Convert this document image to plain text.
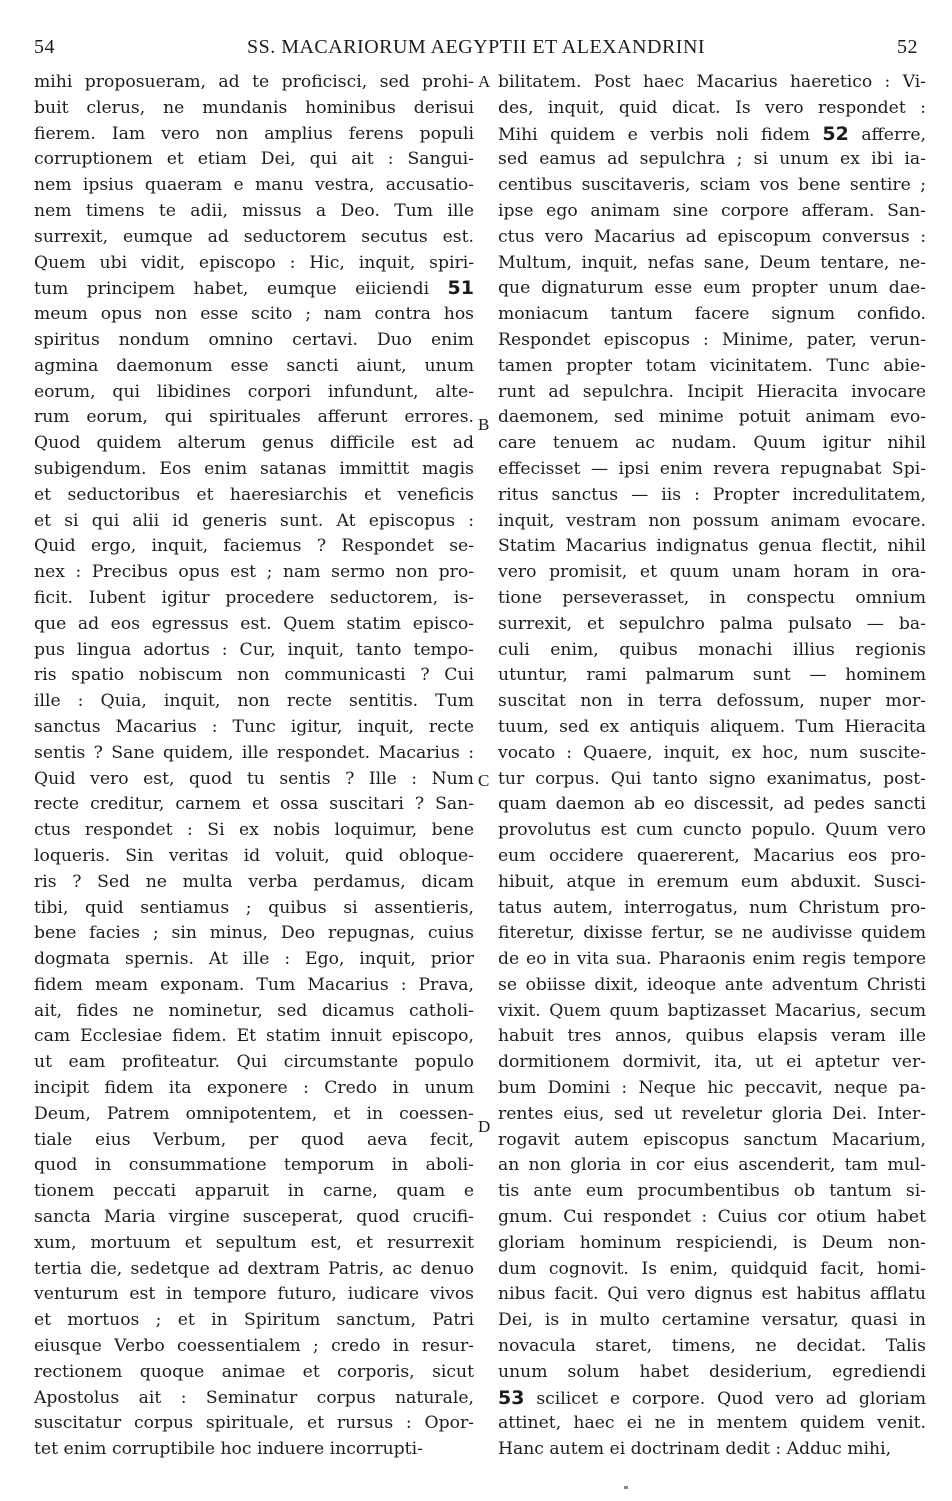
54	SS. MACARIORUM AEGYPTII ET ALEXANDRINI	52
mihi proposueram, ad te proficisci, sed prohi-
buit clerus, ne mundanis hominibus derisui
fierem. Iam vero non amplius ferens populi
corruptionem et etiam Dei, qui ait : Sangui-
nem ipsius quaeram e manu vestra, accusatio-
nem timens te adii, missus a Deo. Tum ille
surrexit, eumque ad seductorem secutus est.
Quem ubi vidit, episcopo : Hic, inquit, spiri-
tum principem habet, eumque eiiciendi 51
meum opus non esse scito ; nam contra hos
spiritus nondum omnino certavi. Duo enim
agmina daemonum esse sancti aiunt, unum
eorum, qui libidines corpori infundunt, alte-
rum eorum, qui spirituales afferunt errores.
Quod quidem alterum genus difficile est ad
subigendum. Eos enim satanas immittit magis
et seductoribus et haeresiarchis et veneficis
et si qui alii id generis sunt. At episcopus :
Quid ergo, inquit, faciemus ? Respondet se-
nex : Precibus opus est ; nam sermo non pro-
ficit. Iubent igitur procedere seductorem, is-
que ad eos egressus est. Quem statim episco-
pus lingua adortus : Cur, inquit, tanto tempo-
ris spatio nobiscum non communicasti ? Cui
ille : Quia, inquit, non recte sentitis. Tum
sanctus Macarius : Tunc igitur, inquit, recte
sentis ? Sane quidem, ille respondet. Macarius :
Quid vero est, quod tu sentis ? Ille : Num
recte creditur, carnem et ossa suscitari ? San-
ctus respondet : Si ex nobis loquimur, bene
loqueris. Sin veritas id voluit, quid obloque-
ris ? Sed ne multa verba perdamus, dicam
tibi, quid sentiamus ; quibus si assentieris,
bene facies ; sin minus, Deo repugnas, cuius
dogmata spernis. At ille : Ego, inquit, prior
fidem meam exponam. Tum Macarius : Prava,
ait, fides ne nominetur, sed dicamus catholi-
cam Ecclesiae fidem. Et statim innuit episcopo,
ut eam profiteatur. Qui circumstante populo
incipit fidem ita exponere : Credo in unum
Deum, Patrem omnipotentem, et in coessen-
tiale eius Verbum, per quod aeva fecit,
quod in consummatione temporum in aboli-
tionem peccati apparuit in carne, quam e
sancta Maria virgine susceperat, quod crucifi-
xum, mortuum et sepultum est, et resurrexit
tertia die, sedetque ad dextram Patris, ac denuo
venturum est in tempore futuro, iudicare vivos
et mortuos ; et in Spiritum sanctum, Patri
eiusque Verbo coessentialem ; credo in resur-
rectionem quoque animae et corporis, sicut
Apostolus ait : Seminatur corpus naturale,
suscitatur corpus spirituale, et rursus : Opor-
tet enim corruptibile hoc induere incorrupti-
bilitatem. Post haec Macarius haeretico : Vi-
des, inquit, quid dicat. Is vero respondet :
Mihi quidem e verbis noli fidem 52 afferre,
sed eamus ad sepulchra ; si unum ex ibi ia-
centibus suscitaveris, sciam vos bene sentire ;
ipse ego animam sine corpore afferam. San-
ctus vero Macarius ad episcopum conversus :
Multum, inquit, nefas sane, Deum tentare, ne-
que dignaturum esse eum propter unum dae-
moniacum tantum facere signum confido.
Respondet episcopus : Minime, pater, verun-
tamen propter totam vicinitatem. Tunc abie-
runt ad sepulchra. Incipit Hieracita invocare
daemonem, sed minime potuit animam evo-
care tenuem ac nudam. Quum igitur nihil
effecisset — ipsi enim revera repugnabat Spi-
ritus sanctus — iis : Propter incredulitatem,
inquit, vestram non possum animam evocare.
Statim Macarius indignatus genua flectit, nihil
vero promisit, et quum unam horam in ora-
tione perseverasset, in conspectu omnium
surrexit, et sepulchro palma pulsato — ba-
culi enim, quibus monachi illius regionis
utuntur, rami palmarum sunt — hominem
suscitat non in terra defossum, nuper mor-
tuum, sed ex antiquis aliquem. Tum Hieracita
vocato : Quaere, inquit, ex hoc, num suscite-
tur corpus. Qui tanto signo exanimatus, post-
quam daemon ab eo discessit, ad pedes sancti
provolutus est cum cuncto populo. Quum vero
eum occidere quaererent, Macarius eos pro-
hibuit, atque in eremum eum abduxit. Susci-
tatus autem, interrogatus, num Christum pro-
fiteretur, dixisse fertur, se ne audivisse quidem
de eo in vita sua. Pharaonis enim regis tempore
se obiisse dixit, ideoque ante adventum Christi
vixit. Quem quum baptizasset Macarius, secum
habuit tres annos, quibus elapsis veram ille
dormitionem dormivit, ita, ut ei aptetur ver-
bum Domini : Neque hic peccavit, neque pa-
rentes eius, sed ut reveletur gloria Dei. Inter-
rogavit autem episcopus sanctum Macarium,
an non gloria in cor eius ascenderit, tam mul-
tis ante eum procumbentibus ob tantum si-
gnum. Cui respondet : Cuius cor otium habet
gloriam hominum respiciendi, is Deum non-
dum cognovit. Is enim, quidquid facit, homi-
nibus facit. Qui vero dignus est habitus afflatu
Dei, is in multo certamine versatur, quasi in
novacula staret, timens, ne decidat. Talis
unum solum habet desiderium, egrediendi
53 scilicet e corpore. Quod vero ad gloriam
attinet, haec ei ne in mentem quidem venit.
Hanc autem ei doctrinam dedit : Adduc mihi,
A
B
C
D
